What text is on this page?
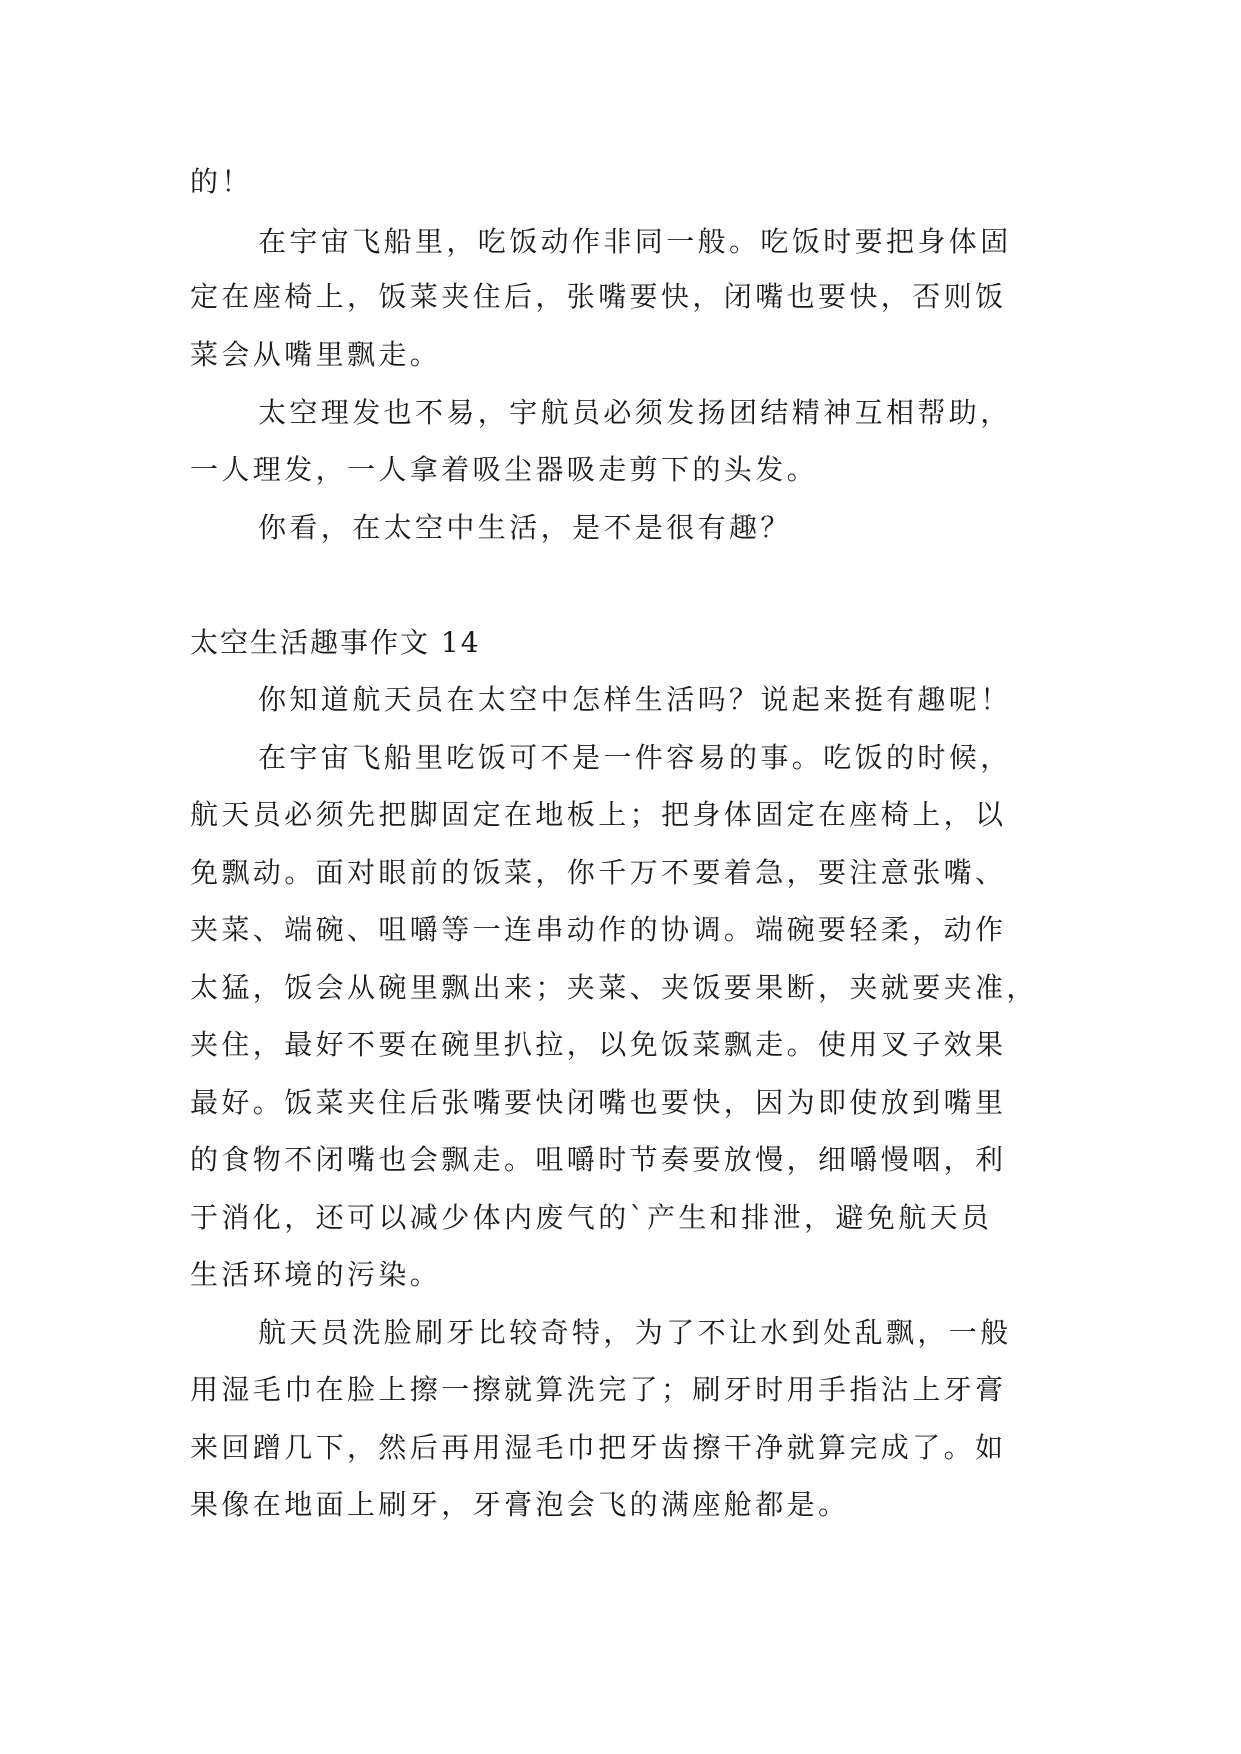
的！
在宇宙飞船里，吃饭动作非同一般。吃饭时要把身体固
定在座椅上，饭菜夹住后，张嘴要快，闭嘴也要快，否则饭
菜会从嘴里飘走。
太空理发也不易，宇航员必须发扬团结精神互相帮助，
一人理发，一人拿着吸尘器吸走剪下的头发。
你看，在太空中生活，是不是很有趣？
太空生活趣事作文 14
你知道航天员在太空中怎样生活吗？说起来挺有趣呢！
在宇宙飞船里吃饭可不是一件容易的事。吃饭的时候，
航天员必须先把脚固定在地板上；把身体固定在座椅上，以
免飘动。面对眼前的饭菜，你千万不要着急，要注意张嘴、
夹菜、端碗、咀嚼等一连串动作的协调。端碗要轻柔，动作
太猛，饭会从碗里飘出来；夹菜、夹饭要果断，夹就要夹准，
夹住，最好不要在碗里扒拉，以免饭菜飘走。使用叉子效果
最好。饭菜夹住后张嘴要快闭嘴也要快，因为即使放到嘴里
的食物不闭嘴也会飘走。咀嚼时节奏要放慢，细嚼慢咽，利
于消化，还可以减少体内废气的`产生和排泄，避免航天员
生活环境的污染。
航天员洗脸刷牙比较奇特，为了不让水到处乱飘，一般
用湿毛巾在脸上擦一擦就算洗完了；刷牙时用手指沾上牙膏
来回蹭几下，然后再用湿毛巾把牙齿擦干净就算完成了。如
果像在地面上刷牙，牙膏泡会飞的满座舱都是。
